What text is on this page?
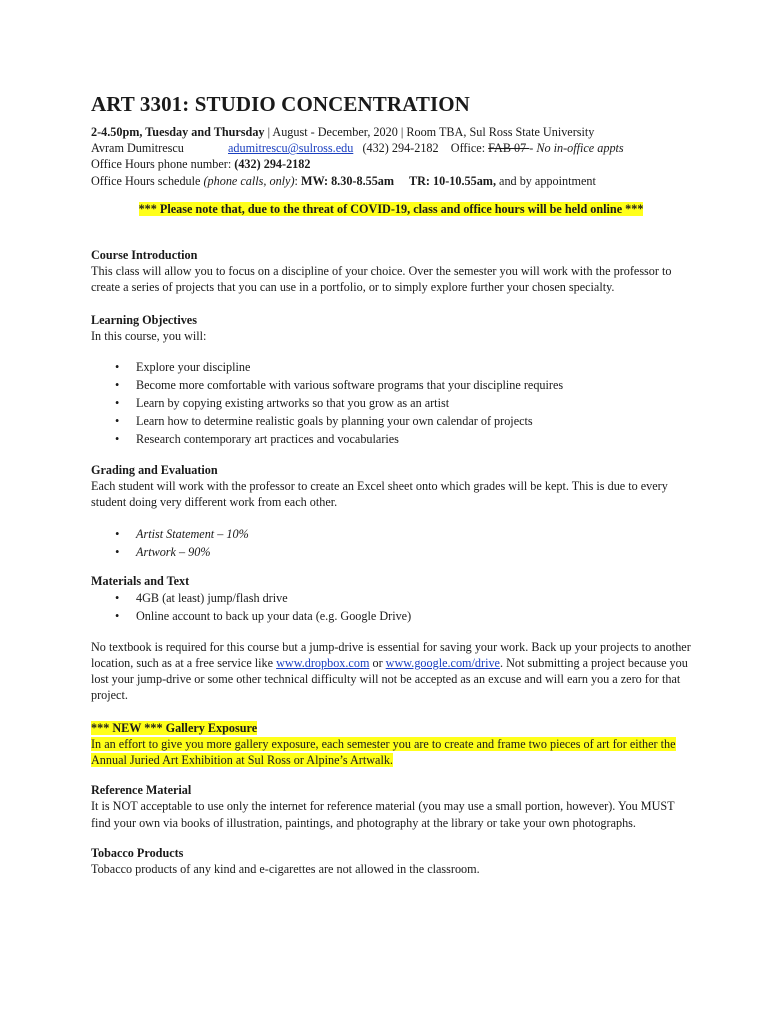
ART 3301: STUDIO CONCENTRATION
2-4.50pm, Tuesday and Thursday | August - December, 2020 | Room TBA, Sul Ross State University
Avram Dumitrescu	adumitrescu@sulross.edu (432) 294-2182 Office: FAB 07 - No in-office appts
Office Hours phone number: (432) 294-2182
Office Hours schedule (phone calls, only): MW: 8.30-8.55am TR: 10-10.55am, and by appointment
*** Please note that, due to the threat of COVID-19, class and office hours will be held online ***
Course Introduction

This class will allow you to focus on a discipline of your choice. Over the semester you will work with the professor to create a series of projects that you can use in a portfolio, or to simply explore further your chosen specialty.

Learning Objectives

In this course, you will:

• Explore your discipline
• Become more comfortable with various software programs that your discipline requires
• Learn by copying existing artworks so that you grow as an artist
• Learn how to determine realistic goals by planning your own calendar of projects
• Research contemporary art practices and vocabularies
Grading and Evaluation

Each student will work with the professor to create an Excel sheet onto which grades will be kept. This is due to every student doing very different work from each other.

• Artist Statement – 10%
• Artwork – 90%
Materials and Text
• 4GB (at least) jump/flash drive
• Online account to back up your data (e.g. Google Drive)

No textbook is required for this course but a jump-drive is essential for saving your work. Back up your projects to another location, such as at a free service like www.dropbox.com or www.google.com/drive. Not submitting a project because you lost your jump-drive or some other technical difficulty will not be accepted as an excuse and will earn you a zero for that project.

*** NEW *** Gallery Exposure

In an effort to give you more gallery exposure, each semester you are to create and frame two pieces of art for either the Annual Juried Art Exhibition at Sul Ross or Alpine’s Artwalk.

Reference Material

It is NOT acceptable to use only the internet for reference material (you may use a small portion, however). You MUST find your own via books of illustration, paintings, and photography at the library or take your own photographs.

Tobacco Products

Tobacco products of any kind and e-cigarettes are not allowed in the classroom.
